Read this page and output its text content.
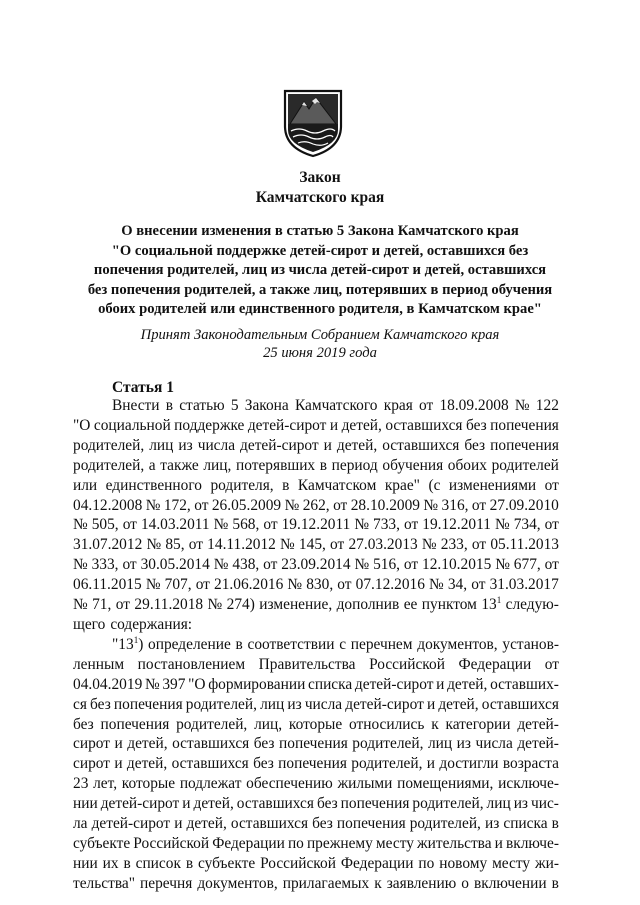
Закон
Камчатского края
О внесении изменения в статью 5 Закона Камчатского края
"О социальной поддержке детей-сирот и детей, оставшихся без
попечения родителей, лиц из числа детей-сирот и детей, оставшихся
без попечения родителей, а также лиц, потерявших в период обучения
обоих родителей или единственного родителя, в Камчатском крае"
Принят Законодательным Собранием Камчатского края
25 июня 2019 года
Статья 1
Внести в статью 5 Закона Камчатского края от 18.09.2008 № 122
"О социальной поддержке детей-сирот и детей, оставшихся без попечения
родителей, лиц из числа детей-сирот и детей, оставшихся без попечения
родителей, а также лиц, потерявших в период обучения обоих родителей
или единственного родителя, в Камчатском крае" (с изменениями от
04.12.2008 № 172, от 26.05.2009 № 262, от 28.10.2009 № 316, от 27.09.2010
№ 505, от 14.03.2011 № 568, от 19.12.2011 № 733, от 19.12.2011 № 734, от
31.07.2012 № 85, от 14.11.2012 № 145, от 27.03.2013 № 233, от 05.11.2013
№ 333, от 30.05.2014 № 438, от 23.09.2014 № 516, от 12.10.2015 № 677, от
06.11.2015 № 707, от 21.06.2016 № 830, от 07.12.2016 № 34, от 31.03.2017
№ 71, от 29.11.2018 № 274) изменение, дополнив ее пунктом $13^1$ следую-
щего содержания:
"$13^1$) определение в соответствии с перечнем документов, установ-
ленным постановлением Правительства Российской Федерации от
04.04.2019 № 397 "О формировании списка детей-сирот и детей, оставших-
ся без попечения родителей, лиц из числа детей-сирот и детей, оставшихся
без попечения родителей, лиц, которые относились к категории детей-
сирот и детей, оставшихся без попечения родителей, лиц из числа детей-
сирот и детей, оставшихся без попечения родителей, и достигли возраста
23 лет, которые подлежат обеспечению жилыми помещениями, исключе-
нии детей-сирот и детей, оставшихся без попечения родителей, лиц из чис-
ла детей-сирот и детей, оставшихся без попечения родителей, из списка в
субъекте Российской Федерации по прежнему месту жительства и включе-
нии их в список в субъекте Российской Федерации по новому месту жи-
тельства" перечня документов, прилагаемых к заявлению о включении в
